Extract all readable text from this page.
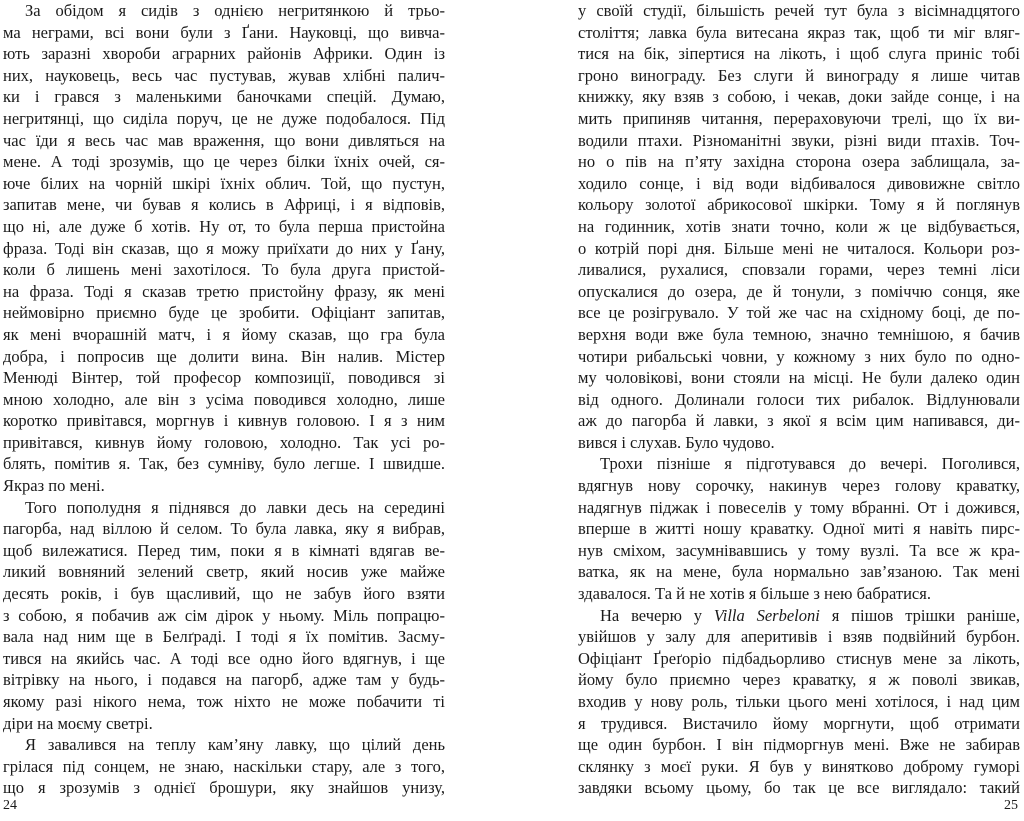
За обідом я сидів з однією негритянкою й трьо-
ма неграми, всі вони були з Ґани. Науковці, що вивча-
ють заразні хвороби аграрних районів Африки. Один із
них, науковець, весь час пустував, жував хлібні палич-
ки і грався з маленькими баночками спецій. Думаю,
негритянці, що сиділа поруч, це не дуже подобалося. Під
час їди я весь час мав враження, що вони дивляться на
мене. А тоді зрозумів, що це через білки їхніх очей, ся-
юче білих на чорній шкірі їхніх облич. Той, що пустун,
запитав мене, чи бував я колись в Африці, і я відповів,
що ні, але дуже б хотів. Ну от, то була перша пристойна
фраза. Тоді він сказав, що я можу приїхати до них у Ґану,
коли б лишень мені захотілося. То була друга пристой-
на фраза. Тоді я сказав третю пристойну фразу, як мені
неймовірно приємно буде це зробити. Офіціант запитав,
як мені вчорашній матч, і я йому сказав, що гра була
добра, і попросив ще долити вина. Він налив. Містер
Менюді Вінтер, той професор композиції, поводився зі
мною холодно, але він з усіма поводився холодно, лише
коротко привітався, моргнув і кивнув головою. І я з ним
привітався, кивнув йому головою, холодно. Так усі ро-
блять, помітив я. Так, без сумніву, було легше. І швидше.
Якраз по мені.
Того пополудня я піднявся до лавки десь на середині
пагорба, над віллою й селом. То була лавка, яку я вибрав,
щоб вилежатися. Перед тим, поки я в кімнаті вдягав ве-
ликий вовняний зелений светр, який носив уже майже
десять років, і був щасливий, що не забув його взяти
з собою, я побачив аж сім дірок у ньому. Міль попрацю-
вала над ним ще в Белґраді. І тоді я їх помітив. Засму-
тився на якийсь час. А тоді все одно його вдягнув, і ще
вітрівку на нього, і подався на пагорб, адже там у будь-
якому разі нікого нема, тож ніхто не може побачити ті
діри на моєму светрі.
Я завалився на теплу кам’яну лавку, що цілий день
грілася під сонцем, не знаю, наскільки стару, але з того,
що я зрозумів з однієї брошури, яку знайшов унизу,
24
у своїй студії, більшість речей тут була з вісімнадцятого
століття; лавка була витесана якраз так, щоб ти міг вляг-
тися на бік, зіпертися на лікоть, і щоб слуга приніс тобі
гроно винограду. Без слуги й винограду я лише читав
книжку, яку взяв з собою, і чекав, доки зайде сонце, і на
мить припиняв читання, перераховуючи трелі, що їх ви-
водили птахи. Різноманітні звуки, різні види птахів. Точ-
но о пів на п’яту західна сторона озера заблищала, за-
ходило сонце, і від води відбивалося дивовижне світло
кольору золотої абрикосової шкірки. Тому я й поглянув
на годинник, хотів знати точно, коли ж це відбувається,
о котрій порі дня. Більше мені не читалося. Кольори роз-
ливалися, рухалися, сповзали горами, через темні ліси
опускалися до озера, де й тонули, з поміччю сонця, яке
все це розігрувало. У той же час на східному боці, де по-
верхня води вже була темною, значно темнішою, я бачив
чотири рибальські човни, у кожному з них було по одно-
му чоловікові, вони стояли на місці. Не були далеко один
від одного. Долинали голоси тих рибалок. Відлунювали
аж до пагорба й лавки, з якої я всім цим напивався, ди-
вився і слухав. Було чудово.
Трохи пізніше я підготувався до вечері. Поголився,
вдягнув нову сорочку, накинув через голову краватку,
надягнув піджак і повеселів у тому вбранні. От і дожився,
вперше в житті ношу краватку. Одної миті я навіть пирс-
нув сміхом, засумнівавшись у тому вузлі. Та все ж кра-
ватка, як на мене, була нормально зав’язаною. Так мені
здавалося. Та й не хотів я більше з нею бабратися.
На вечерю у Villa Serbeloni я пішов трішки раніше,
увійшов у залу для аперитивів і взяв подвійний бурбон.
Офіціант Ґреґоріо підбадьорливо стиснув мене за лікоть,
йому було приємно через краватку, я ж поволі звикав,
входив у нову роль, тільки цього мені хотілося, і над цим
я трудився. Вистачило йому моргнути, щоб отримати
ще один бурбон. І він підморгнув мені. Вже не забирав
склянку з моєї руки. Я був у винятково доброму гуморі
завдяки всьому цьому, бо так це все виглядало: такий
25
